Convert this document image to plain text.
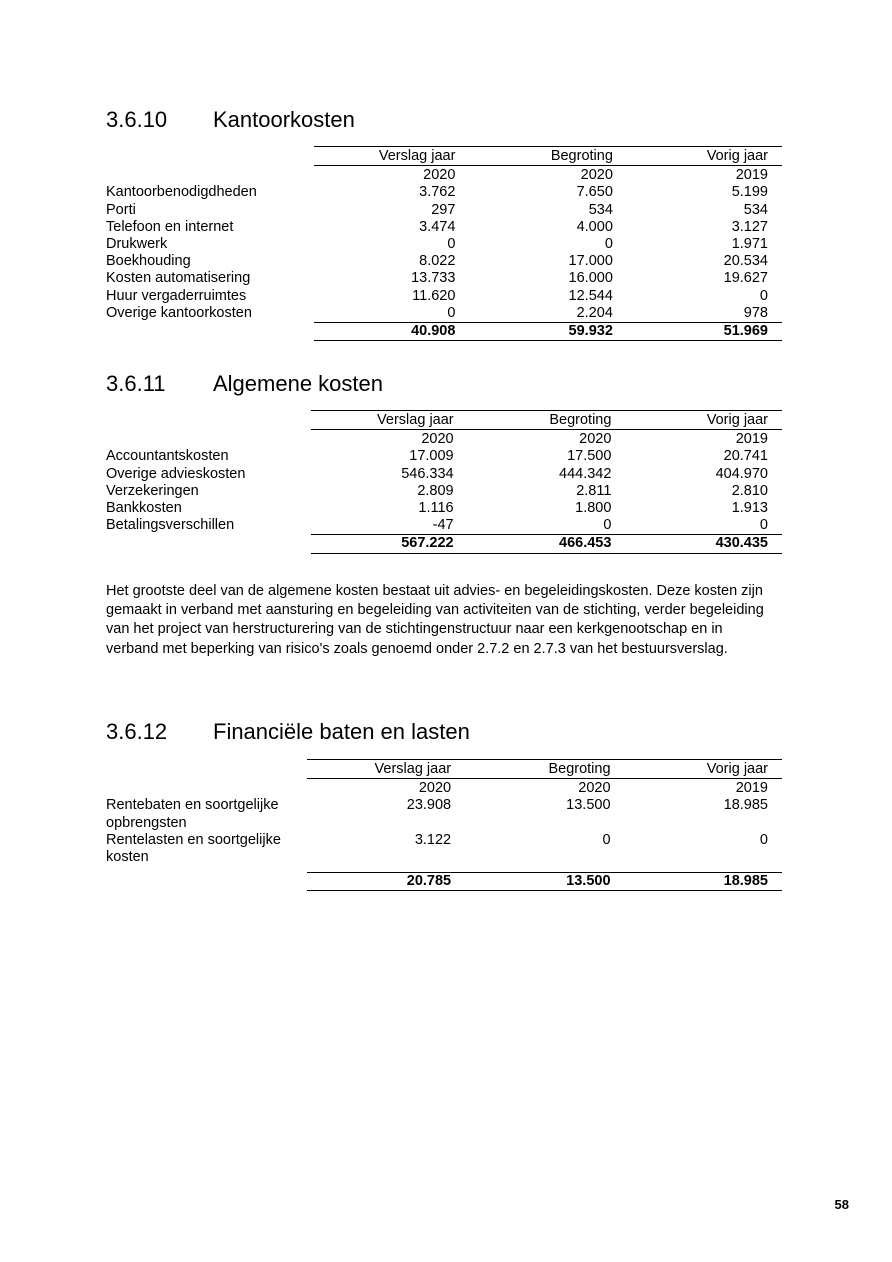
3.6.10 Kantoorkosten
	Verslag jaar	Begroting	Vorig jaar
	2020	2020	2019
Kantoorbenodigdheden	3.762	7.650	5.199
Porti	297	534	534
Telefoon en internet	3.474	4.000	3.127
Drukwerk	0	0	1.971
Boekhouding	8.022	17.000	20.534
Kosten automatisering	13.733	16.000	19.627
Huur vergaderruimtes	11.620	12.544	0
Overige kantoorkosten	0	2.204	978
	40.908	59.932	51.969
3.6.11 Algemene kosten
	Verslag jaar	Begroting	Vorig jaar
	2020	2020	2019
Accountantskosten	17.009	17.500	20.741
Overige advieskosten	546.334	444.342	404.970
Verzekeringen	2.809	2.811	2.810
Bankkosten	1.116	1.800	1.913
Betalingsverschillen	-47	0	0
	567.222	466.453	430.435

Het grootste deel van de algemene kosten bestaat uit advies- en begeleidingskosten. Deze kosten zijn gemaakt in verband met aansturing en begeleiding van activiteiten van de stichting, verder begeleiding van het project van herstructurering van de stichtingenstructuur naar een kerkgenootschap en in verband met beperking van risico's zoals genoemd onder 2.7.2 en 2.7.3 van het bestuursverslag.

3.6.12 Financiële baten en lasten
	Verslag jaar	Begroting	Vorig jaar
	2020	2020	2019
Rentebaten en soortgelijke opbrengsten	23.908	13.500	18.985
Rentelasten en soortgelijke kosten	3.122	0	0

	20.785	13.500	18.985
58
